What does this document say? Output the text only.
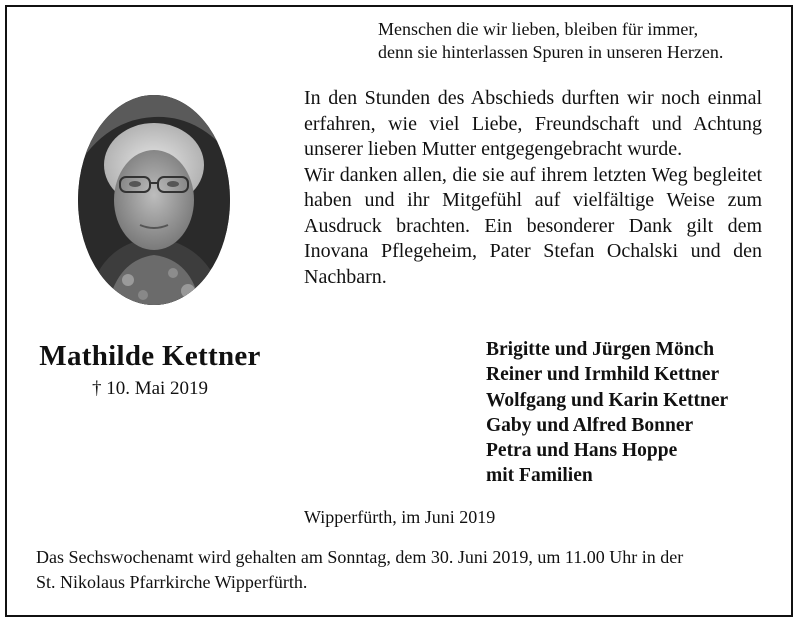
Menschen die wir lieben, bleiben für immer,
denn sie hinterlassen Spuren in unseren Herzen.

Mathilde Kettner

† 10. Mai 2019

In den Stunden des Abschieds durften wir noch einmal erfahren, wie viel Liebe, Freundschaft und Achtung unserer lieben Mutter entgegengebracht wurde.

Wir danken allen, die sie auf ihrem letzten Weg begleitet haben und ihr Mitgefühl auf vielfältige Weise zum Ausdruck brachten. Ein besonderer Dank gilt dem Inovana Pflegeheim, Pater Stefan Ochalski und den Nachbarn.

Brigitte und Jürgen Mönch
Reiner und Irmhild Kettner
Wolfgang und Karin Kettner
Gaby und Alfred Bonner
Petra und Hans Hoppe
mit Familien

Wipperfürth, im Juni 2019

Das Sechswochenamt wird gehalten am Sonntag, dem 30. Juni 2019, um 11.00 Uhr in der
St. Nikolaus Pfarrkirche Wipperfürth.
